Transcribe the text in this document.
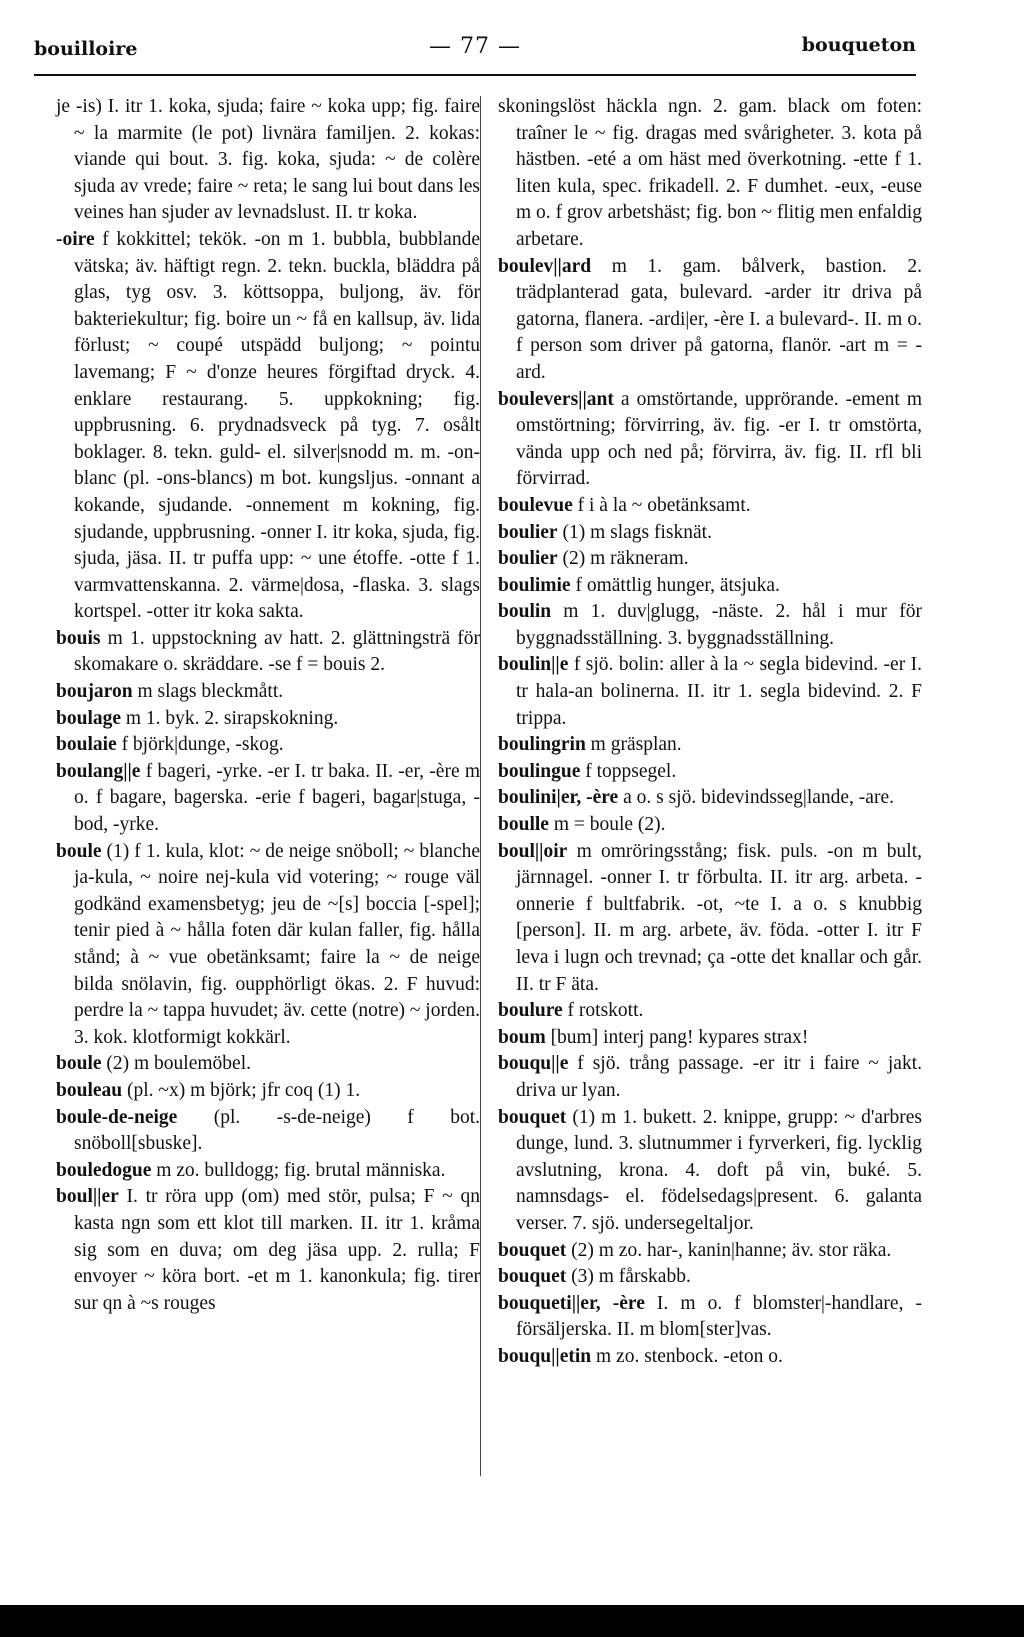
bouilloire	— 77 —	bouqueton

je -is) I. itr 1. koka, sjuda; faire ~ koka upp; fig. faire ~ la marmite (le pot) livnära familjen. 2. kokas: viande qui bout. 3. fig. koka, sjuda: ~ de colère sjuda av vrede; faire ~ reta; le sang lui bout dans les veines han sjuder av levnadslust. II. tr koka.

-oire f kokkittel; tekök. -on m 1. bubbla, bubblande vätska; äv. häftigt regn. 2. tekn. buckla, bläddra på glas, tyg osv. 3. köttsoppa, buljong, äv. för bakteriekultur; fig. boire un ~ få en kallsup, äv. lida förlust; ~ coupé utspädd buljong; ~ pointu lavemang; F ~ d'onze heures förgiftad dryck. 4. enklare restaurang. 5. uppkokning; fig. uppbrusning. 6. prydnadsveck på tyg. 7. osålt boklager. 8. tekn. guld- el. silver|snodd m. m. -on-blanc (pl. -ons-blancs) m bot. kungsljus. -onnant a kokande, sjudande. -onnement m kokning, fig. sjudande, uppbrusning. -onner I. itr koka, sjuda, fig. sjuda, jäsa. II. tr puffa upp: ~ une étoffe. -otte f 1. varmvattenskanna. 2. värme|dosa, -flaska. 3. slags kortspel. -otter itr koka sakta.

bouis m 1. uppstockning av hatt. 2. glättningsträ för skomakare o. skräddare. -se f = bouis 2.

boujaron m slags bleckmått.

boulage m 1. byk. 2. sirapskokning.

boulaie f björk|dunge, -skog.

boulang||e f bageri, -yrke. -er I. tr baka. II. -er, -ère m o. f bagare, bagerska. -erie f bageri, bagar|stuga, -bod, -yrke.

boule (1) f 1. kula, klot: ~ de neige snöboll; ~ blanche ja-kula, ~ noire nej-kula vid votering; ~ rouge väl godkänd examensbetyg; jeu de ~[s] boccia [-spel]; tenir pied à ~ hålla foten där kulan faller, fig. hålla stånd; à ~ vue obetänksamt; faire la ~ de neige bilda snölavin, fig. oupphörligt ökas. 2. F huvud: perdre la ~ tappa huvudet; äv. cette (notre) ~ jorden. 3. kok. klotformigt kokkärl.

boule (2) m boulemöbel.

bouleau (pl. ~x) m björk; jfr coq (1) 1.

boule-de-neige (pl. -s-de-neige) f bot. snöboll[sbuske].

bouledogue m zo. bulldogg; fig. brutal människa.

boul||er I. tr röra upp (om) med stör, pulsa; F ~ qn kasta ngn som ett klot till marken. II. itr 1. kråma sig som en duva; om deg jäsa upp. 2. rulla; F envoyer ~ köra bort. -et m 1. kanonkula; fig. tirer sur qn à ~s rouges

skoningslöst häckla ngn. 2. gam. black om foten: traîner le ~ fig. dragas med svårigheter. 3. kota på hästben. -eté a om häst med överkotning. -ette f 1. liten kula, spec. frikadell. 2. F dumhet. -eux, -euse m o. f grov arbetshäst; fig. bon ~ flitig men enfaldig arbetare.

boulev||ard m 1. gam. bålverk, bastion. 2. trädplanterad gata, bulevard. -arder itr driva på gatorna, flanera. -ardi|er, -ère I. a bulevard-. II. m o. f person som driver på gatorna, flanör. -art m = -ard.

boulevers||ant a omstörtande, upprörande. -ement m omstörtning; förvirring, äv. fig. -er I. tr omstörta, vända upp och ned på; förvirra, äv. fig. II. rfl bli förvirrad.

boulevue f i à la ~ obetänksamt.

boulier (1) m slags fisknät.

boulier (2) m räkneram.

boulimie f omättlig hunger, ätsjuka.

boulin m 1. duv|glugg, -näste. 2. hål i mur för byggnadsställning. 3. byggnadsställning.

boulin||e f sjö. bolin: aller à la ~ segla bidevind. -er I. tr hala-an bolinerna. II. itr 1. segla bidevind. 2. F trippa.

boulingrin m gräsplan.

boulingue f toppsegel.

boulini|er, -ère a o. s sjö. bidevindsseg|lande, -are.

boulle m = boule (2).

boul||oir m omröringsstång; fisk. puls. -on m bult, järnnagel. -onner I. tr förbulta. II. itr arg. arbeta. -onnerie f bultfabrik. -ot, ~te I. a o. s knubbig [person]. II. m arg. arbete, äv. föda. -otter I. itr F leva i lugn och trevnad; ça -otte det knallar och går. II. tr F äta.

boulure f rotskott.

boum [bum] interj pang! kypares strax!

bouqu||e f sjö. trång passage. -er itr i faire ~ jakt. driva ur lyan.

bouquet (1) m 1. bukett. 2. knippe, grupp: ~ d'arbres dunge, lund. 3. slutnummer i fyrverkeri, fig. lycklig avslutning, krona. 4. doft på vin, buké. 5. namnsdags- el. födelsedags|present. 6. galanta verser. 7. sjö. undersegeltaljor.

bouquet (2) m zo. har-, kanin|hanne; äv. stor räka.

bouquet (3) m fårskabb.

bouqueti||er, -ère I. m o. f blomster|-handlare, -försäljerska. II. m blom[ster]vas.

bouqu||etin m zo. stenbock. -eton o.
